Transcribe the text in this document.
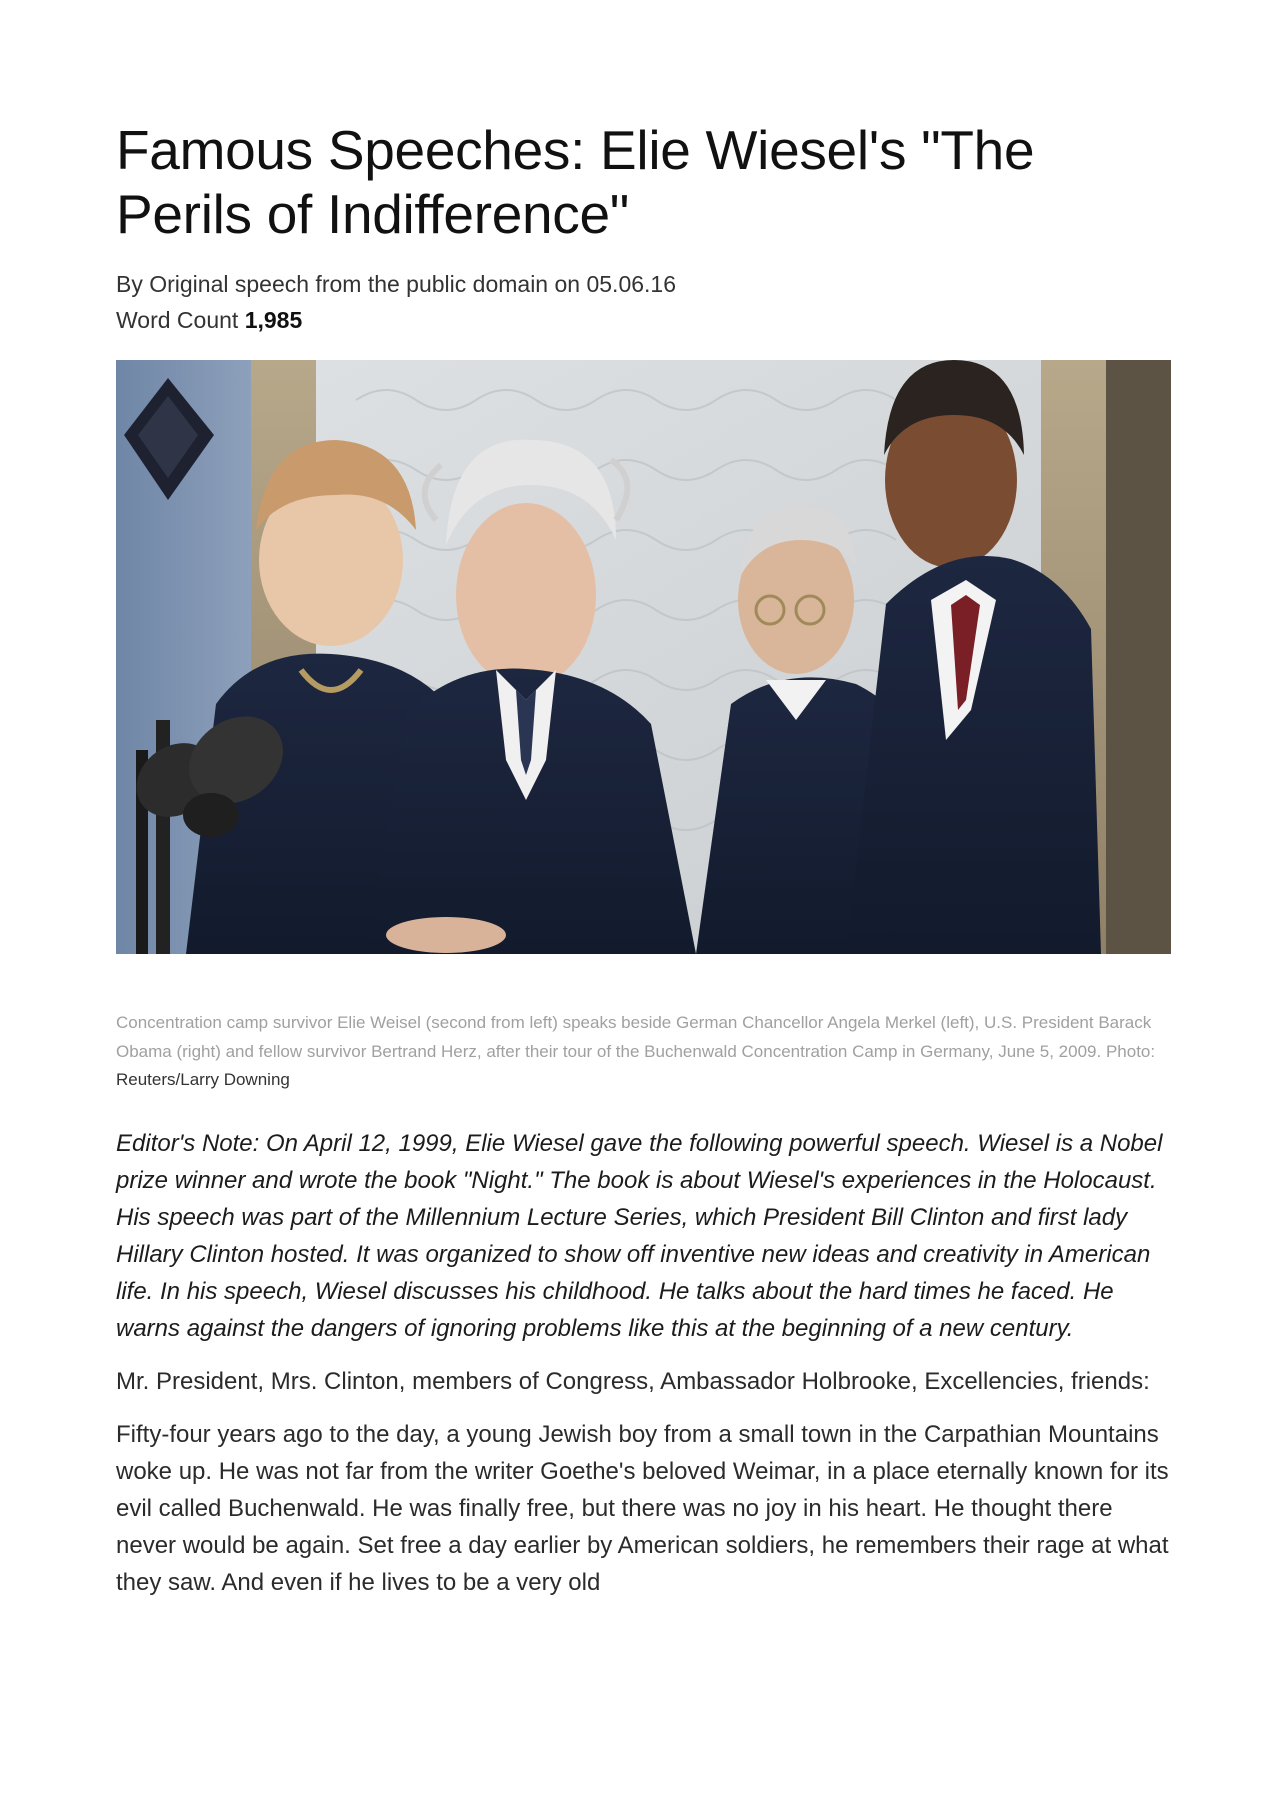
Famous Speeches: Elie Wiesel's "The Perils of Indifference"
By Original speech from the public domain on 05.06.16
Word Count 1,985
Concentration camp survivor Elie Weisel (second from left) speaks beside German Chancellor Angela Merkel (left), U.S. President Barack Obama (right) and fellow survivor Bertrand Herz, after their tour of the Buchenwald Concentration Camp in Germany, June 5, 2009. Photo: Reuters/Larry Downing
Editor's Note: On April 12, 1999, Elie Wiesel gave the following powerful speech. Wiesel is a Nobel prize winner and wrote the book "Night." The book is about Wiesel's experiences in the Holocaust. His speech was part of the Millennium Lecture Series, which President Bill Clinton and first lady Hillary Clinton hosted. It was organized to show off inventive new ideas and creativity in American life. In his speech, Wiesel discusses his childhood. He talks about the hard times he faced. He warns against the dangers of ignoring problems like this at the beginning of a new century.
Mr. President, Mrs. Clinton, members of Congress, Ambassador Holbrooke, Excellencies, friends:
Fifty-four years ago to the day, a young Jewish boy from a small town in the Carpathian Mountains woke up. He was not far from the writer Goethe's beloved Weimar, in a place eternally known for its evil called Buchenwald. He was finally free, but there was no joy in his heart. He thought there never would be again. Set free a day earlier by American soldiers, he remembers their rage at what they saw. And even if he lives to be a very old
